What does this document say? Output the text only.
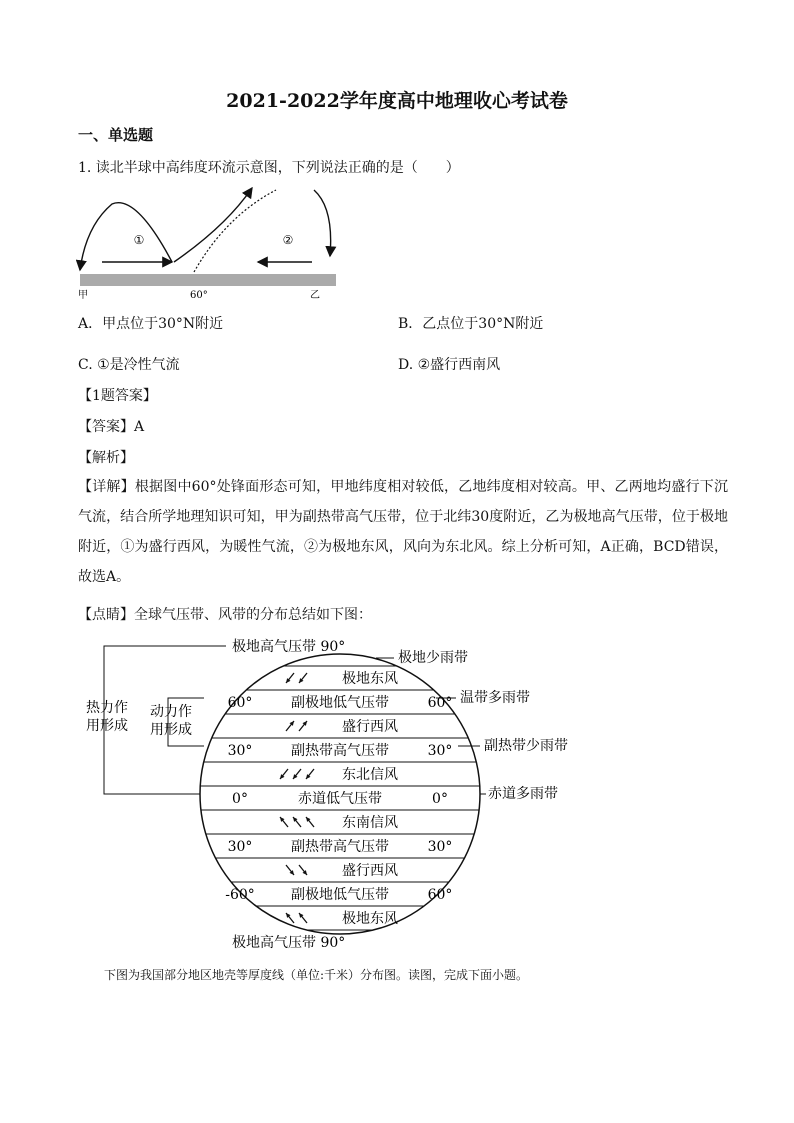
2021-2022学年度高中地理收心考试卷
一、单选题
1. 读北半球中高纬度环流示意图，下列说法正确的是（　　）
①	②
甲	60°	乙
A．甲点位于30°N附近	B．乙点位于30°N附近
C. ①是冷性气流	D. ②盛行西南风
【1题答案】
【答案】A
【解析】
【详解】根据图中60°处锋面形态可知，甲地纬度相对较低，乙地纬度相对较高。甲、乙两地均盛行下沉气流，结合所学地理知识可知，甲为副热带高气压带，位于北纬30度附近，乙为极地高气压带，位于极地附近，①为盛行西风，为暖性气流，②为极地东风，风向为东北风。综上分析可知，A正确，BCD错误，故选A。
【点睛】全球气压带、风带的分布总结如下图：
极地东风
副极地低气压带
60°	60°
盛行西风
副热带高气压带
30°	30°
东北信风
赤道低气压带
0°	0°
东南信风
副热带高气压带
30°	30°
盛行西风
副极地低气压带
-60°	60°
极地东风
热力作
用形成
动力作
用形成
极地高气压带 90°
极地高气压带 90°
极地少雨带
温带多雨带
副热带少雨带
赤道多雨带
下图为我国部分地区地壳等厚度线（单位:千米）分布图。读图，完成下面小题。
